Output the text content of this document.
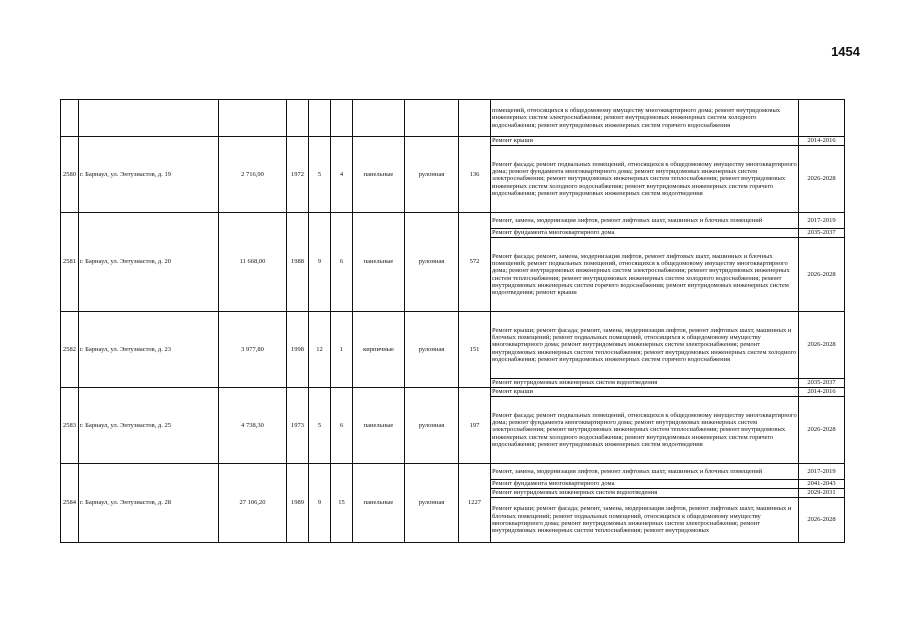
1454
									помещений, относящихся к общедомовому имуществу многоквартирного дома; ремонт внутридомовых инженерных систем электроснабжения; ремонт внутридомовых инженерных систем холодного водоснабжения; ремонт внутридомовых инженерных систем горячего водоснабжения	
2580	г. Барнаул, ул. Энтузиастов, д. 19	2 716,90	1972	5	4	панельные	рулонная	136	Ремонт крыши	2014-2016
									Ремонт фасада; ремонт подвальных помещений, относящихся к общедомовому имуществу многоквартирного дома; ремонт фундамента многоквартирного дома; ремонт внутридомовых инженерных систем электроснабжения; ремонт внутридомовых инженерных систем теплоснабжения; ремонт внутридомовых инженерных систем холодного водоснабжения; ремонт внутридомовых инженерных систем горячего водоснабжения; ремонт внутридомовых инженерных систем водоотведения	2026-2028
2581	г. Барнаул, ул. Энтузиастов, д. 20	11 668,00	1988	9	6	панельные	рулонная	572	Ремонт, замена, модернизация лифтов, ремонт лифтовых шахт, машинных и блочных помещений	2017-2019
									Ремонт фундамента многоквартирного дома	2035-2037
									Ремонт фасада; ремонт, замена, модернизация лифтов, ремонт лифтовых шахт, машинных и блочных помещений; ремонт подвальных помещений, относящихся к общедомовому имуществу многоквартирного дома; ремонт внутридомовых инженерных систем электроснабжения; ремонт внутридомовых инженерных систем теплоснабжения; ремонт внутридомовых инженерных систем холодного водоснабжения; ремонт внутридомовых инженерных систем горячего водоснабжения; ремонт внутридомовых инженерных систем водоотведения; ремонт крыши	2026-2028
2582	г. Барнаул, ул. Энтузиастов, д. 23	3 977,80	1998	12	1	кирпичные	рулонная	151	Ремонт крыши; ремонт фасада; ремонт, замена, модернизация лифтов, ремонт лифтовых шахт, машинных и блочных помещений; ремонт подвальных помещений, относящихся к общедомовому имуществу многоквартирного дома; ремонт внутридомовых инженерных систем электроснабжения; ремонт внутридомовых инженерных систем теплоснабжения; ремонт внутридомовых инженерных систем холодного водоснабжения; ремонт внутридомовых инженерных систем горячего водоснабжения	2026-2028
									Ремонт внутридомовых инженерных систем водоотведения	2035-2037
2583	г. Барнаул, ул. Энтузиастов, д. 25	4 738,30	1973	5	6	панельные	рулонная	197	Ремонт крыши	2014-2016
									Ремонт фасада; ремонт подвальных помещений, относящихся к общедомовому имуществу многоквартирного дома; ремонт фундамента многоквартирного дома; ремонт внутридомовых инженерных систем электроснабжения; ремонт внутридомовых инженерных систем теплоснабжения; ремонт внутридомовых инженерных систем холодного водоснабжения; ремонт внутридомовых инженерных систем горячего водоснабжения; ремонт внутридомовых инженерных систем водоотведения	2026-2028
2584	г. Барнаул, ул. Энтузиастов, д. 28	27 106,20	1989	9	15	панельные	рулонная	1227	Ремонт, замена, модернизация лифтов, ремонт лифтовых шахт, машинных и блочных помещений	2017-2019
									Ремонт фундамента многоквартирного дома	2041-2043
									Ремонт внутридомовых инженерных систем водоотведения	2029-2031
									Ремонт крыши; ремонт фасада; ремонт, замена, модернизация лифтов, ремонт лифтовых шахт, машинных и блочных помещений; ремонт подвальных помещений, относящихся к общедомовому имуществу многоквартирного дома; ремонт внутридомовых инженерных систем электроснабжения; ремонт внутридомовых инженерных систем теплоснабжения; ремонт внутридомовых	2026-2028
